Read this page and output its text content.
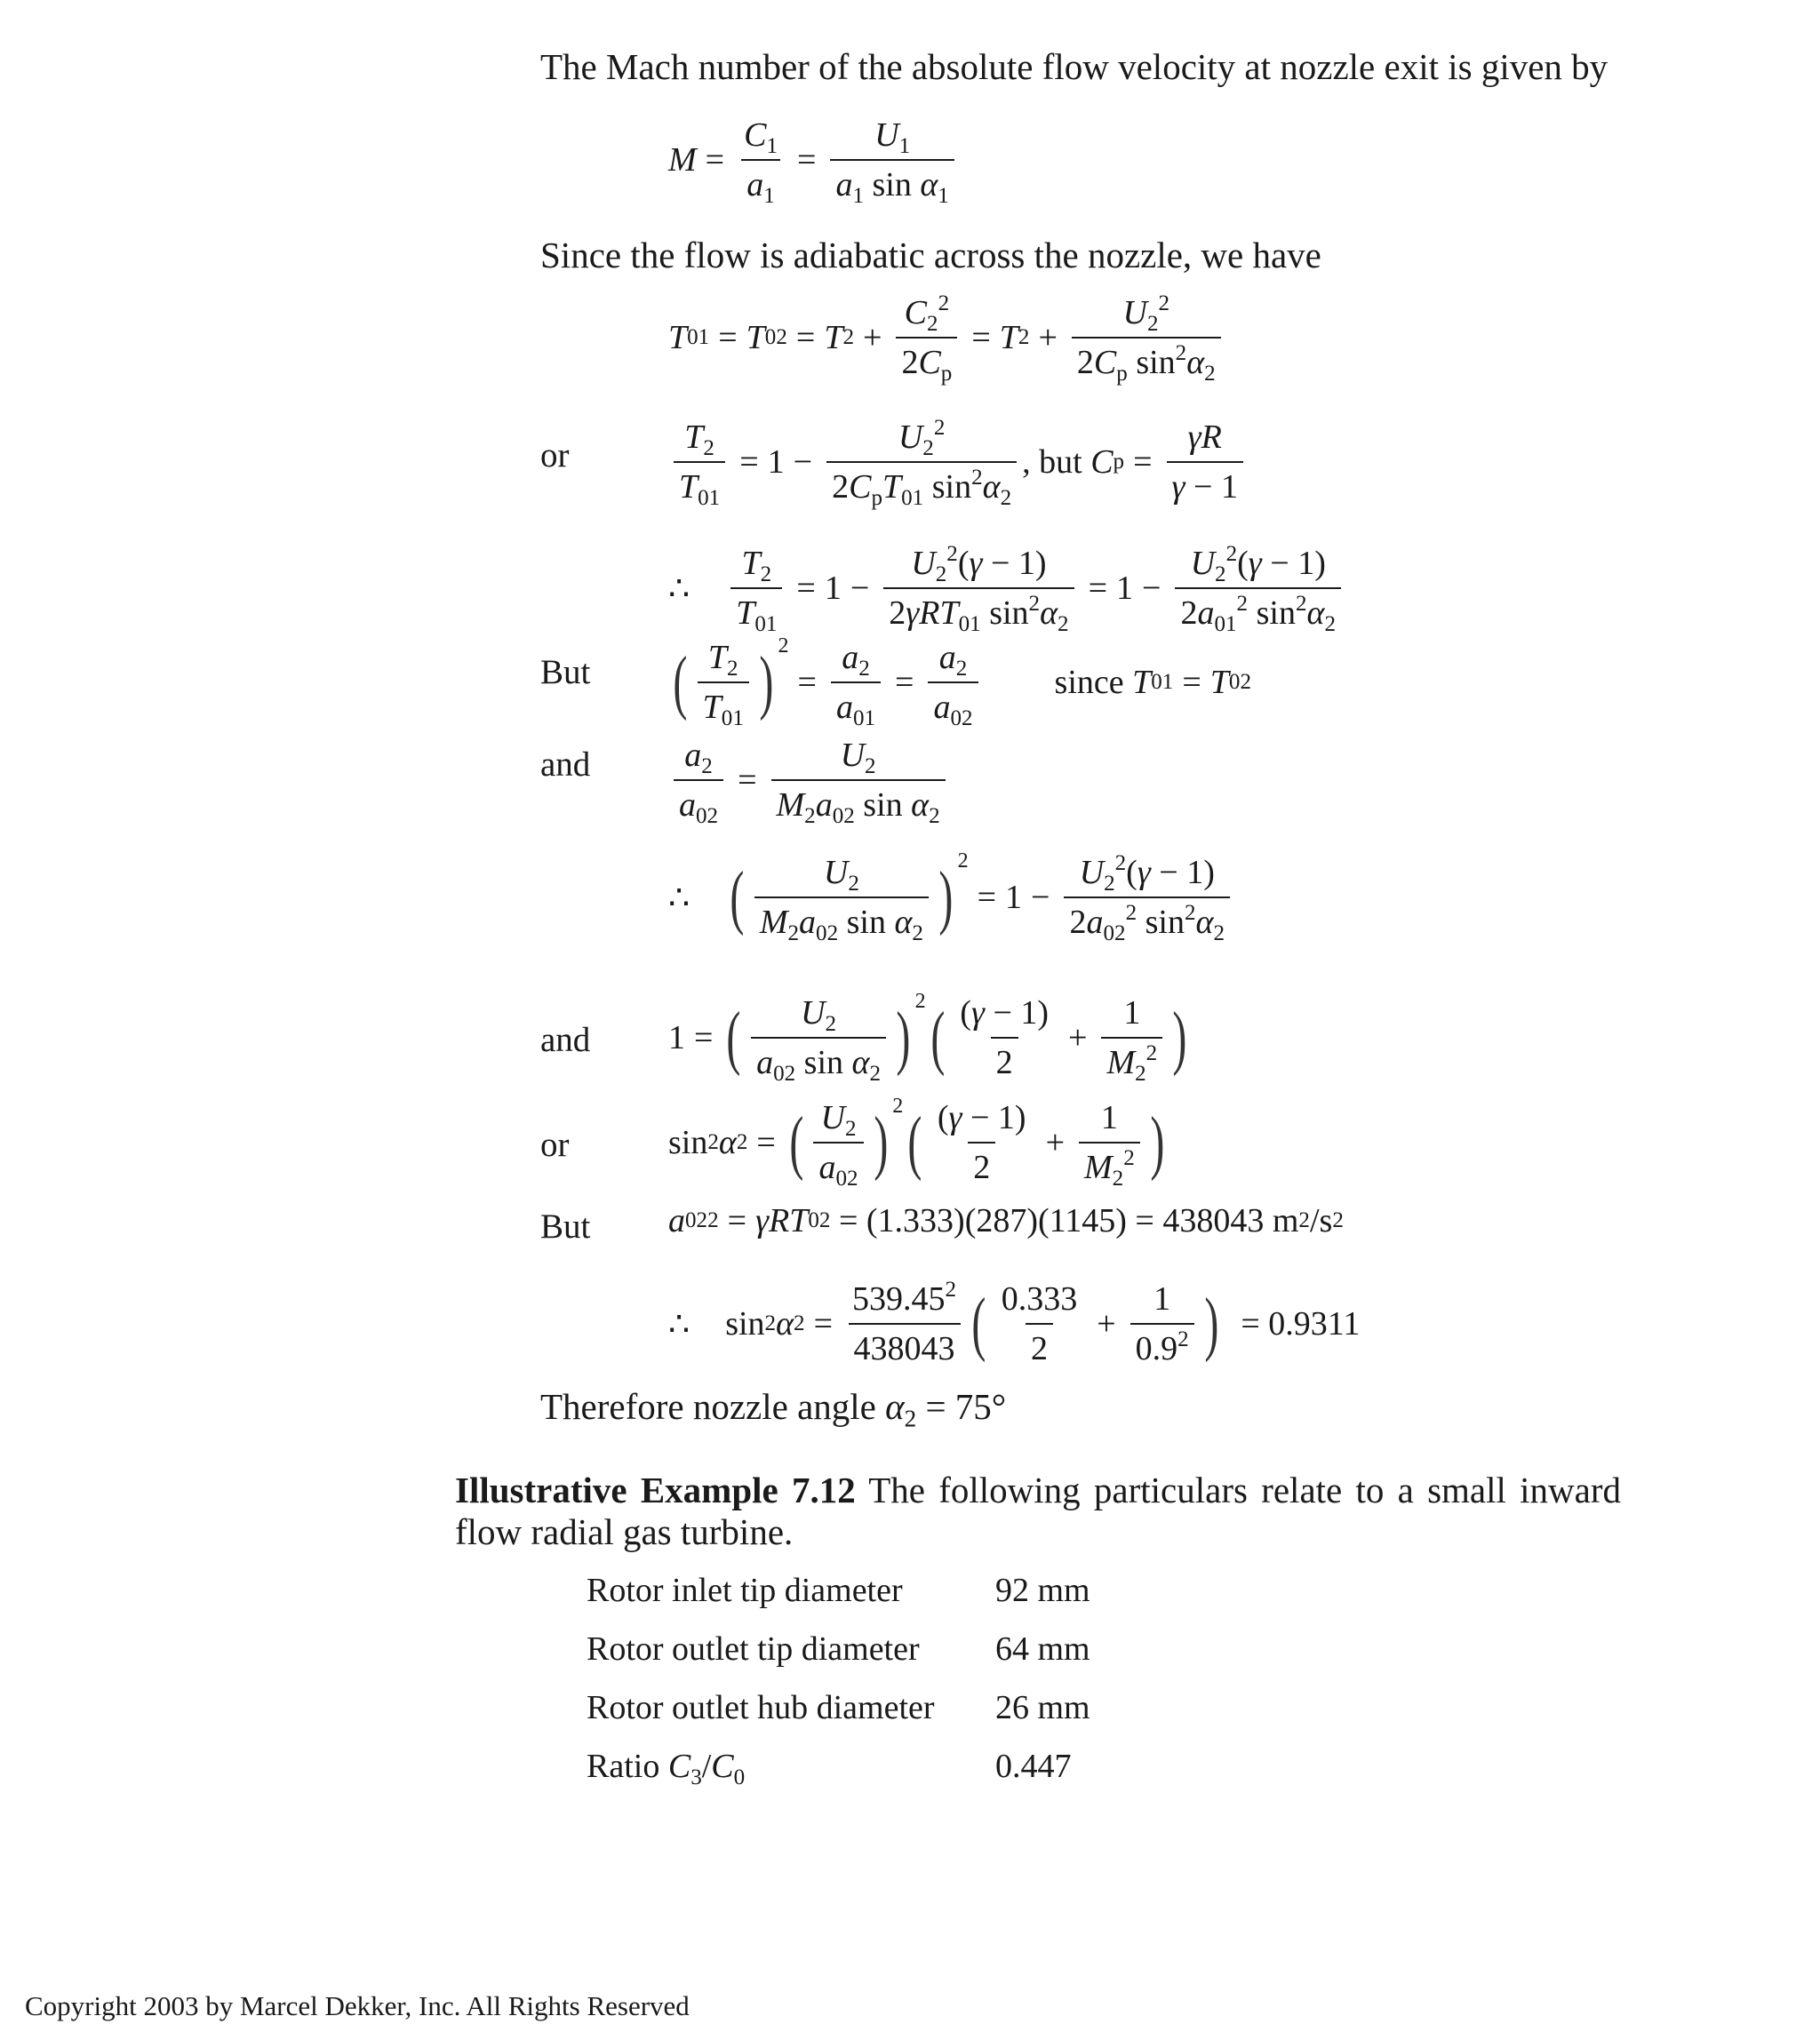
The Mach number of the absolute flow velocity at nozzle exit is given by
$M = \frac{C_1}{a_1} = \frac{U_1}{a_1 \sin \alpha_1}$
Since the flow is adiabatic across the nozzle, we have
T 01 = T 02 = T $2 + \frac{C_2^2}{2C_p} = T$ $2 + \frac{U_2^2}{2C_p \sin^2\alpha_2}$
or	$\frac{T_2}{T_{01}} = 1 - \frac{U_2^2}{2C_pT_{01} \sin^2\alpha_2}$ , but
C $p = \frac{\gamma R}{\gamma - 1}$
∴ $\frac{T_2}{T_{01}} = 1 - \frac{U_2^2(\gamma - 1)}{2\gamma RT_{01} \sin^2\alpha_2} = 1 - \frac{U_2^2(\gamma - 1)}{2a_{01}^2 \sin^2\alpha_2}$
But ( $\frac{T_2}{T_{01}}$ ) 2
= $\frac{a_2}{a_{01}} = \frac{a_2}{a_{02}}$ since
T 01 = T 02
and $\frac{a_2}{a_{02}} = \frac{U_2}{M_2a_{02} \sin \alpha_2}$
∴ ( $\frac{U_2}{M_2a_{02} \sin \alpha_2}$ ) 2
= $1 - \frac{U_2^2(\gamma - 1)}{2a_{02}^2 \sin^2\alpha_2}$
and 1 = ( $\frac{U_2}{a_{02} \sin \alpha_2}$ ) 2 ( $\frac{(\gamma - 1)}{2} + \frac{1}{M_2^2}$ )
or	sin 2 α 2 = ( $\frac{U_2}{a_{02}}$ ) 2 ( $\frac{(\gamma - 1)}{2} + \frac{1}{M_2^2}$ )
But a 02 2 = γRT 02
= (1.333)(287)(1145) = 438043 m 2 /s 2
∴ sin 2 α $2 = \frac{539.45^2}{438043}$ ( $\frac{0.333}{2} + \frac{1}{0.9^2}$ ) = 0.9311
Therefore nozzle angle $\alpha_2 = 75^\circ$
Illustrative Example 7.12 The following particulars relate to a small inward
flow radial gas turbine.
Rotor inlet tip diameter	92 mm
Rotor outlet tip diameter 64 mm
Rotor outlet hub diameter 26 mm
Ratio $C_3/C_0$	0.447
Copyright 2003 by Marcel Dekker, Inc. All Rights Reserved
